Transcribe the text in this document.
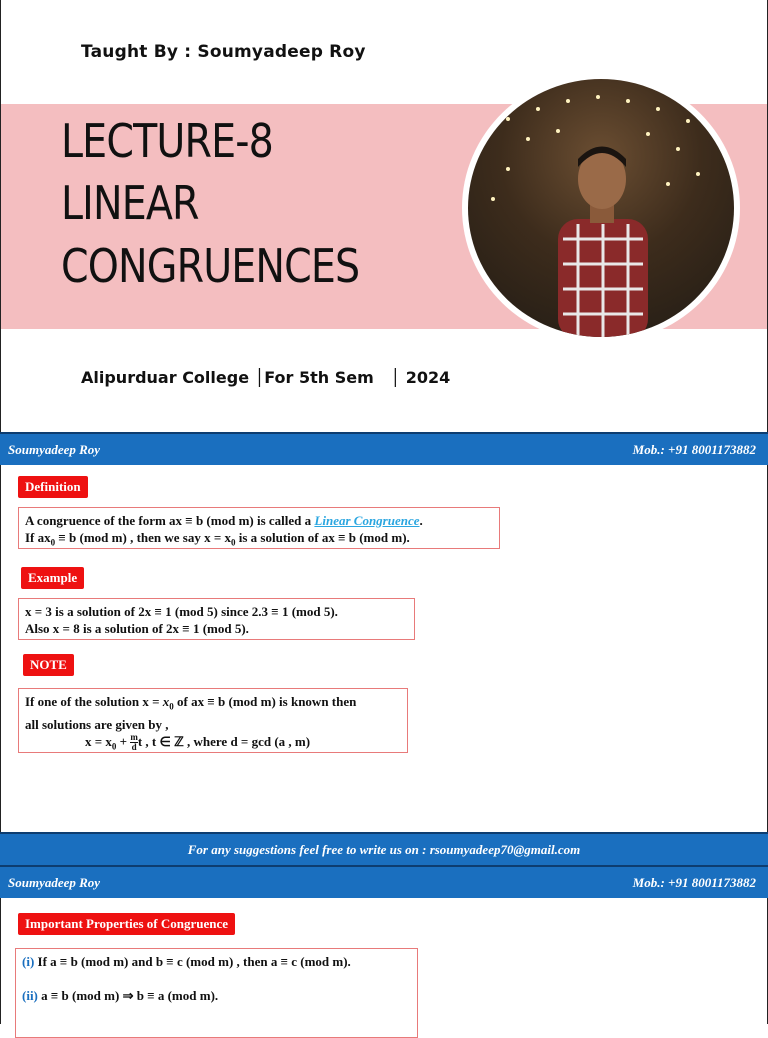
Taught By : Soumyadeep Roy
LECTURE-8
LINEAR
CONGRUENCES
Alipurduar College │For 5th Sem   │ 2024
Soumyadeep Roy	Mob.: +91 8001173882
Definition
A congruence of the form ax ≡ b (mod m) is called a Linear Congruence.
If $ax_0 \equiv b$ (mod m) , then we say $x = x_0$ is a solution of ax ≡ b (mod m).
Example
x = 3 is a solution of 2x ≡ 1 (mod 5) since 2.3 ≡ 1 (mod 5).
Also x = 8 is a solution of 2x ≡ 1 (mod 5).
NOTE
If one of the solution $x = x_0$ of ax ≡ b (mod m) is known then
all solutions are given by ,
$x = x_0 + \frac{m}{d}$ t , t ∈ ℤ , where d = gcd (a , m)
For any suggestions feel free to write us on : rsoumyadeep70@gmail.com
Soumyadeep Roy	Mob.: +91 8001173882
Important Properties of Congruence
(i) If a ≡ b (mod m) and b ≡ c (mod m) , then a ≡ c (mod m).
(ii) a ≡ b (mod m) ⇒ b ≡ a (mod m).
